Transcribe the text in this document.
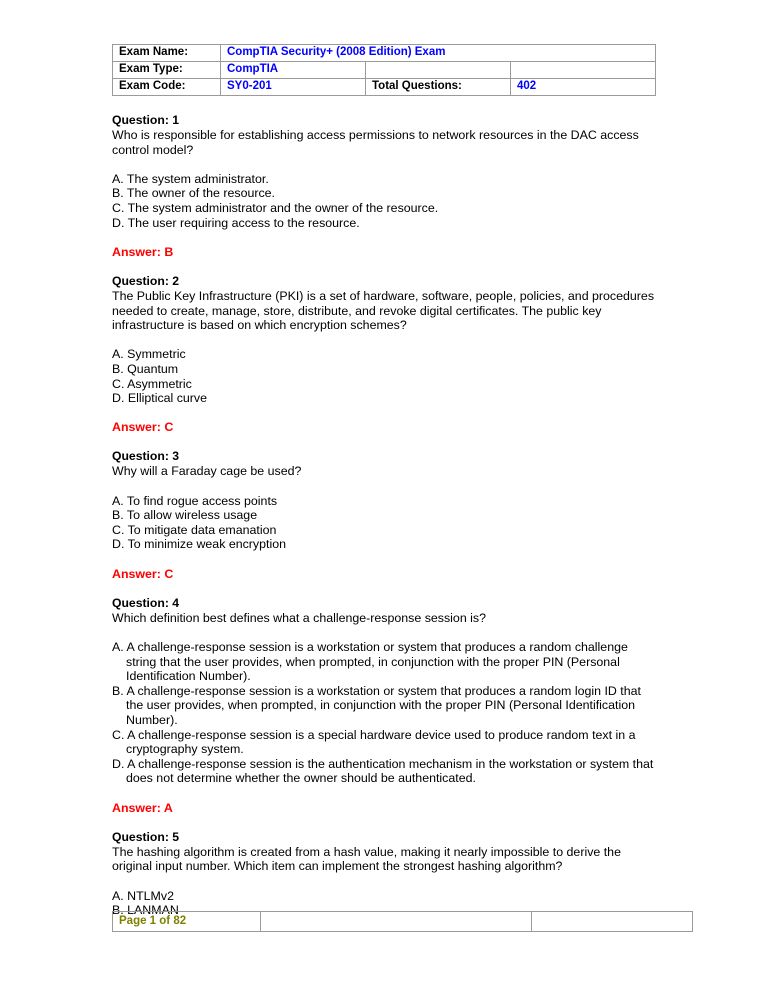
Exam Name:	CompTIA Security+ (2008 Edition) Exam		
Exam Type:	CompTIA		
Exam Code:	SY0-201	Total Questions:	402
Question: 1
Who is responsible for establishing access permissions to network resources in the DAC access control model?
A. The system administrator.
B. The owner of the resource.
C. The system administrator and the owner of the resource.
D. The user requiring access to the resource.
Answer: B
Question: 2
The Public Key Infrastructure (PKI) is a set of hardware, software, people, policies, and procedures needed to create, manage, store, distribute, and revoke digital certificates. The public key infrastructure is based on which encryption schemes?
A. Symmetric
B. Quantum
C. Asymmetric
D. Elliptical curve
Answer: C
Question: 3
Why will a Faraday cage be used?
A. To find rogue access points
B. To allow wireless usage
C. To mitigate data emanation
D. To minimize weak encryption
Answer: C
Question: 4
Which definition best defines what a challenge-response session is?
A. A challenge-response session is a workstation or system that produces a random challenge string that the user provides, when prompted, in conjunction with the proper PIN (Personal Identification Number).
B. A challenge-response session is a workstation or system that produces a random login ID that the user provides, when prompted, in conjunction with the proper PIN (Personal Identification Number).
C. A challenge-response session is a special hardware device used to produce random text in a cryptography system.
D. A challenge-response session is the authentication mechanism in the workstation or system that does not determine whether the owner should be authenticated.
Answer: A
Question: 5
The hashing algorithm is created from a hash value, making it nearly impossible to derive the original input number. Which item can implement the strongest hashing algorithm?
A. NTLMv2
B. LANMAN
Page 1 of 82		
